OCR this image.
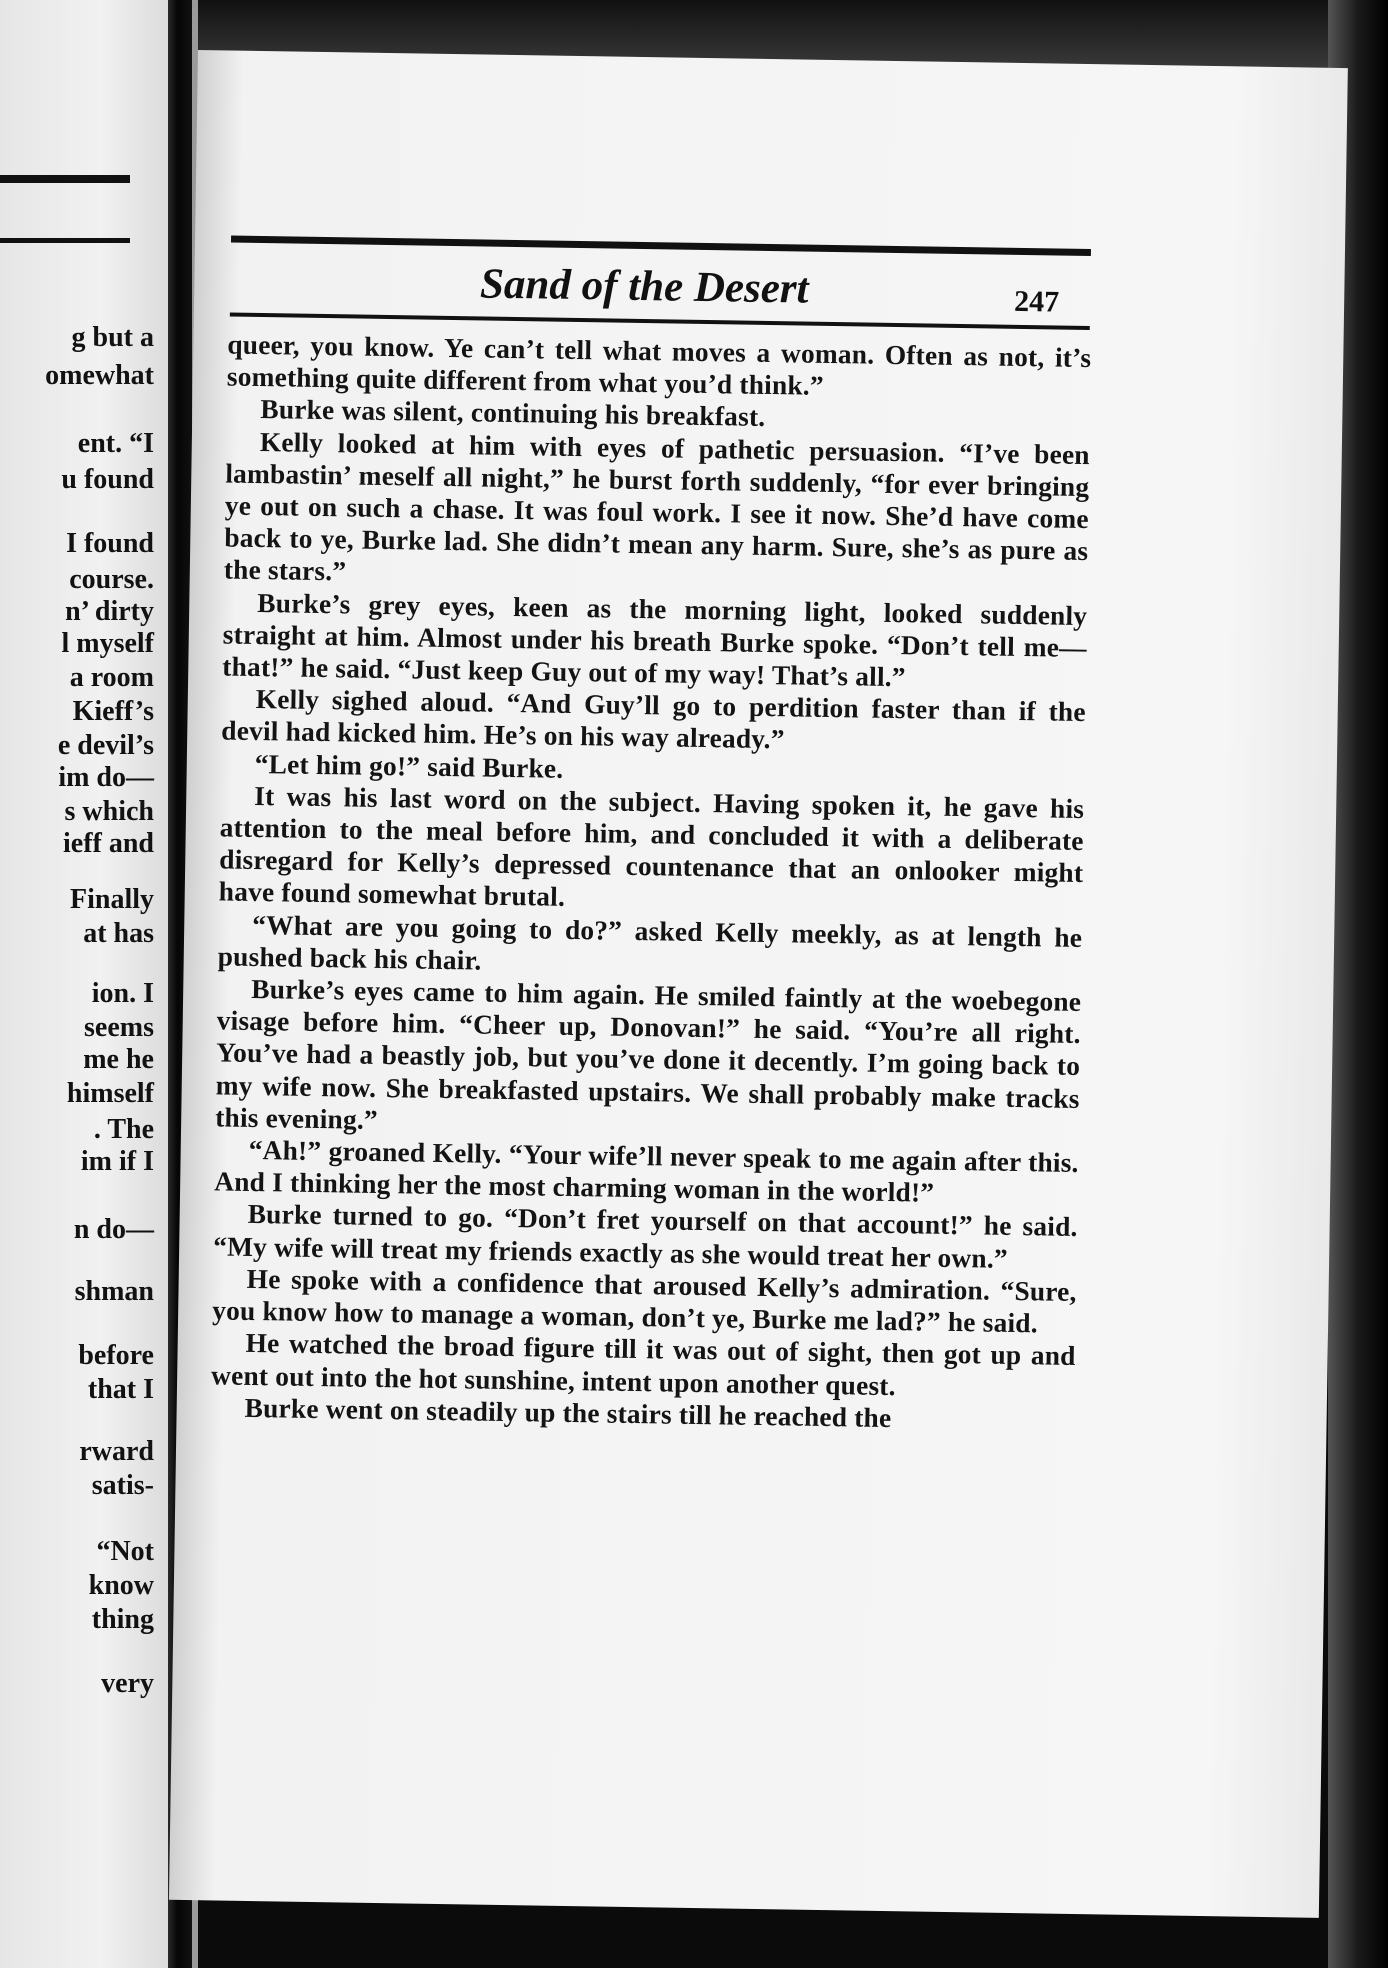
g but a
omewhat
ent. “I
u found
I found
course.
n’ dirty
l myself
a room
Kieff’s
e devil’s
im do—
s which
ieff and
Finally
at has
ion. I
seems
me he
himself
. The
im if I
n do—
shman
before
that I
rward
satis-
“Not
know
thing
very
Sand of the Desert	247

queer, you know. Ye can’t tell what moves a woman. Often as not, it’s something quite different from what you’d think.”

Burke was silent, continuing his breakfast.

Kelly looked at him with eyes of pathetic persuasion. “I’ve been lambastin’ meself all night,” he burst forth suddenly, “for ever bringing ye out on such a chase. It was foul work. I see it now. She’d have come back to ye, Burke lad. She didn’t mean any harm. Sure, she’s as pure as the stars.”

Burke’s grey eyes, keen as the morning light, looked suddenly straight at him. Almost under his breath Burke spoke. “Don’t tell me—that!” he said. “Just keep Guy out of my way! That’s all.”

Kelly sighed aloud. “And Guy’ll go to perdition faster than if the devil had kicked him. He’s on his way already.”

“Let him go!” said Burke.

It was his last word on the subject. Having spoken it, he gave his attention to the meal before him, and concluded it with a deliberate disregard for Kelly’s depressed countenance that an onlooker might have found somewhat brutal.

“What are you going to do?” asked Kelly meekly, as at length he pushed back his chair.

Burke’s eyes came to him again. He smiled faintly at the woebegone visage before him. “Cheer up, Donovan!” he said. “You’re all right. You’ve had a beastly job, but you’ve done it decently. I’m going back to my wife now. She breakfasted upstairs. We shall probably make tracks this evening.”

“Ah!” groaned Kelly. “Your wife’ll never speak to me again after this. And I thinking her the most charming woman in the world!”

Burke turned to go. “Don’t fret yourself on that account!” he said. “My wife will treat my friends exactly as she would treat her own.”

He spoke with a confidence that aroused Kelly’s admiration. “Sure, you know how to manage a woman, don’t ye, Burke me lad?” he said.

He watched the broad figure till it was out of sight, then got up and went out into the hot sunshine, intent upon another quest.

Burke went on steadily up the stairs till he reached the
